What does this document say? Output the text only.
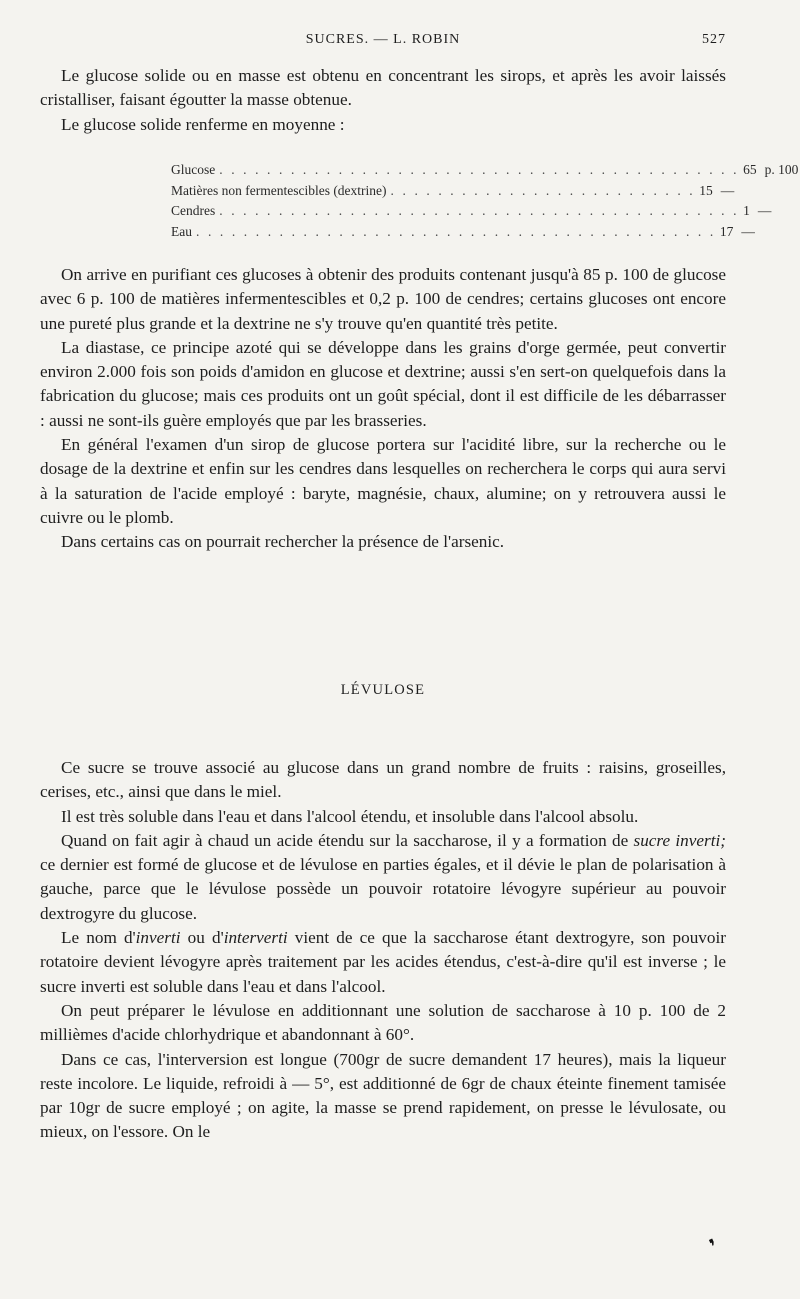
SUCRES. — L. ROBIN	527

Le glucose solide ou en masse est obtenu en concentrant les sirops, et après les avoir laissés cristalliser, faisant égoutter la masse obtenue.

Le glucose solide renferme en moyenne :

Glucose . . . . . . . . . . . . . . . . . . . . . . . . . . . . . . . . . . . . . . . . . . . . 65 p. 100
Matières non fermentescibles (dextrine) . . . . . . . . . . . . . . . . . . . . . . . . . . 15 —
Cendres . . . . . . . . . . . . . . . . . . . . . . . . . . . . . . . . . . . . . . . . . . . . 1 —
Eau . . . . . . . . . . . . . . . . . . . . . . . . . . . . . . . . . . . . . . . . . . . . 17 —

On arrive en purifiant ces glucoses à obtenir des produits contenant jusqu'à 85 p. 100 de glucose avec 6 p. 100 de matières infermentescibles et 0,2 p. 100 de cendres; certains glucoses ont encore une pureté plus grande et la dextrine ne s'y trouve qu'en quantité très petite.

La diastase, ce principe azoté qui se développe dans les grains d'orge germée, peut convertir environ 2.000 fois son poids d'amidon en glucose et dextrine; aussi s'en sert-on quelquefois dans la fabrication du glucose; mais ces produits ont un goût spécial, dont il est difficile de les débarrasser : aussi ne sont-ils guère employés que par les brasseries.

En général l'examen d'un sirop de glucose portera sur l'acidité libre, sur la recherche ou le dosage de la dextrine et enfin sur les cendres dans lesquelles on recherchera le corps qui aura servi à la saturation de l'acide employé : baryte, magnésie, chaux, alumine; on y retrouvera aussi le cuivre ou le plomb.

Dans certains cas on pourrait rechercher la présence de l'arsenic.

LÉVULOSE

Ce sucre se trouve associé au glucose dans un grand nombre de fruits : raisins, groseilles, cerises, etc., ainsi que dans le miel.

Il est très soluble dans l'eau et dans l'alcool étendu, et insoluble dans l'alcool absolu.

Quand on fait agir à chaud un acide étendu sur la saccharose, il y a formation de sucre inverti; ce dernier est formé de glucose et de lévulose en parties égales, et il dévie le plan de polarisation à gauche, parce que le lévulose possède un pouvoir rotatoire lévogyre supérieur au pouvoir dextrogyre du glucose.

Le nom d'inverti ou d'interverti vient de ce que la saccharose étant dextrogyre, son pouvoir rotatoire devient lévogyre après traitement par les acides étendus, c'est-à-dire qu'il est inverse ; le sucre inverti est soluble dans l'eau et dans l'alcool.

On peut préparer le lévulose en additionnant une solution de saccharose à 10 p. 100 de 2 millièmes d'acide chlorhydrique et abandonnant à 60°.

Dans ce cas, l'interversion est longue (700gr de sucre demandent 17 heures), mais la liqueur reste incolore. Le liquide, refroidi à — 5°, est additionné de 6gr de chaux éteinte finement tamisée par 10gr de sucre employé ; on agite, la masse se prend rapidement, on presse le lévulosate, ou mieux, on l'essore. On le

❜
